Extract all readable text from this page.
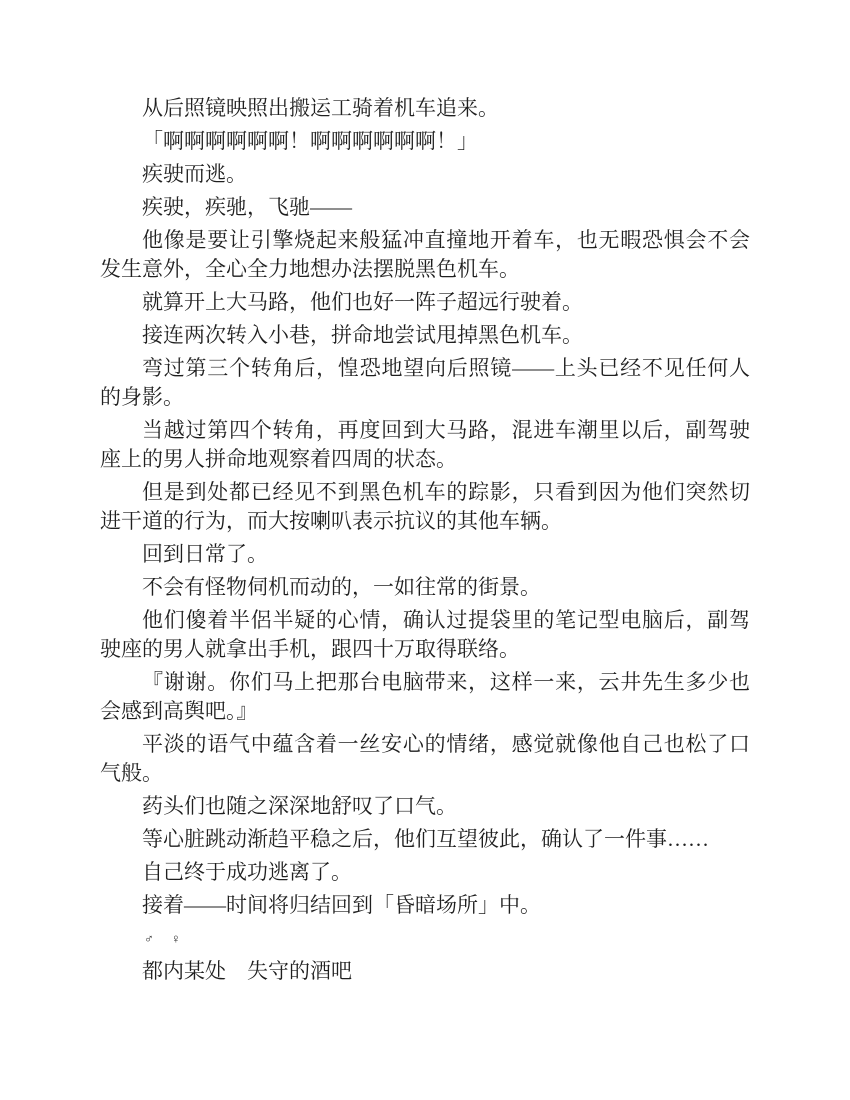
从后照镜映照出搬运工骑着机车追来。

「啊啊啊啊啊啊！啊啊啊啊啊啊！」

疾驶而逃。

疾驶，疾驰，飞驰——

他像是要让引擎烧起来般猛冲直撞地开着车，也无暇恐惧会不会发生意外，全心全力地想办法摆脱黑色机车。

就算开上大马路，他们也好一阵子超远行驶着。

接连两次转入小巷，拼命地尝试甩掉黑色机车。

弯过第三个转角后，惶恐地望向后照镜——上头已经不见任何人的身影。

当越过第四个转角，再度回到大马路，混进车潮里以后，副驾驶座上的男人拼命地观察着四周的状态。

但是到处都已经见不到黑色机车的踪影，只看到因为他们突然切进干道的行为，而大按喇叭表示抗议的其他车辆。

回到日常了。

不会有怪物伺机而动的，一如往常的街景。

他们傻着半侶半疑的心情，确认过提袋里的笔记型电脑后，副驾驶座的男人就拿出手机，跟四十万取得联络。

『谢谢。你们马上把那台电脑带来，这样一来，云井先生多少也会感到高舆吧。』

平淡的语气中蕴含着一丝安心的情绪，感觉就像他自己也松了口气般。

药头们也随之深深地舒叹了口气。

等心脏跳动渐趋平稳之后，他们互望彼此，确认了一件事……

自己终于成功逃离了。

接着——时间将归结回到「昏暗场所」中。

♂ ♀

都内某处　失守的酒吧
